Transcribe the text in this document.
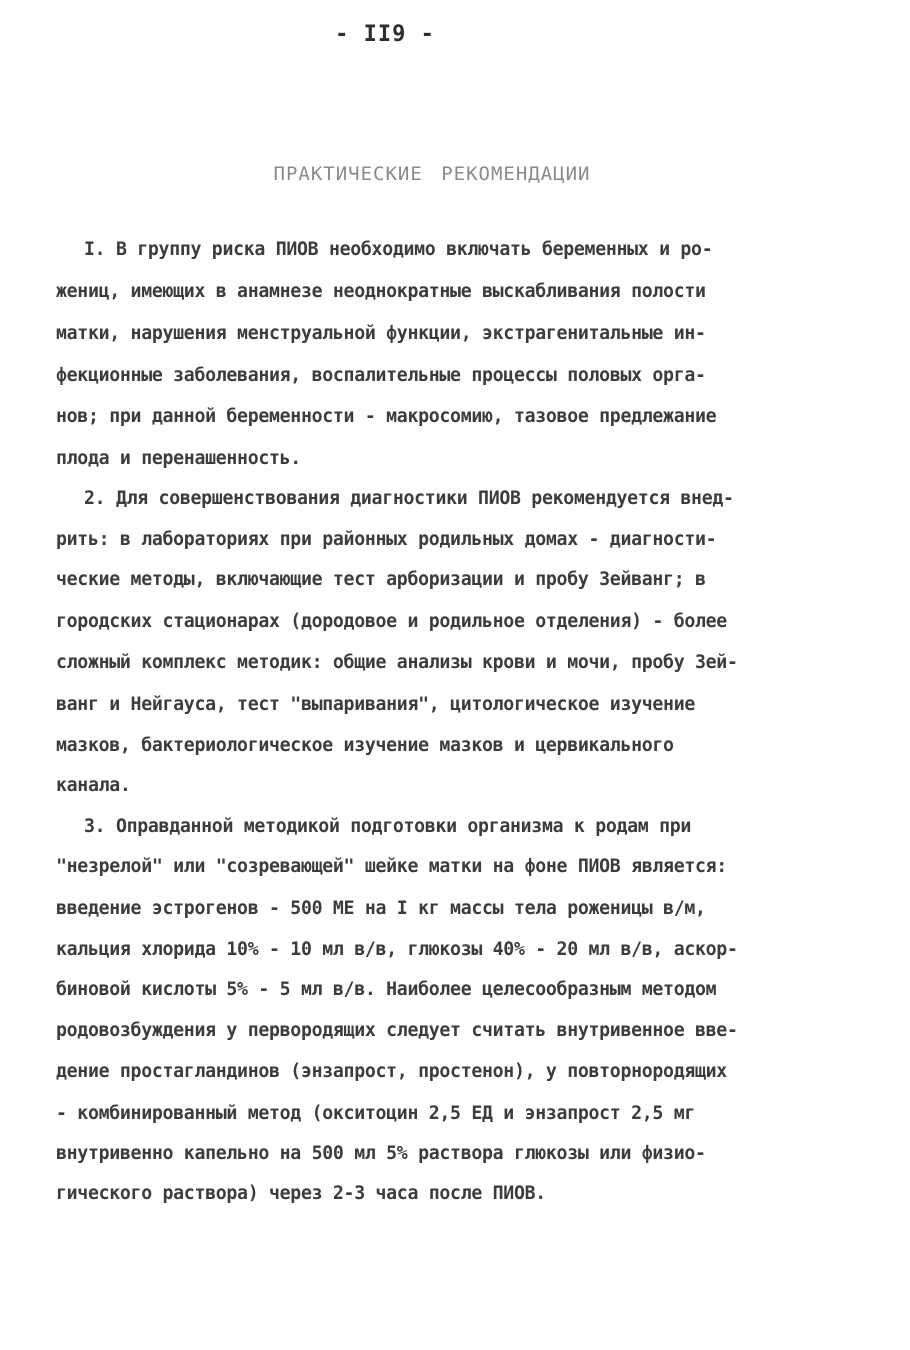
- II9 -
ПРАКТИЧЕСКИЕ РЕКОМЕНДАЦИИ
I. В группу риска ПИОВ необходимо включать беременных и ро-
жениц, имеющих в анамнезе неоднократные выскабливания полости
матки, нарушения менструальной функции, экстрагенитальные ин-
фекционные заболевания, воспалительные процессы половых орга-
нов; при данной беременности - макросомию, тазовое предлежание
плода и перенашенность.
2. Для совершенствования диагностики ПИОВ рекомендуется внед-
рить: в лабораториях при районных родильных домах - диагности-
ческие методы, включающие тест арборизации и пробу Зейванг; в
городских стационарах (дородовое и родильное отделения) - более
сложный комплекс методик: общие анализы крови и мочи, пробу Зей-
ванг и Нейгауса, тест "выпаривания", цитологическое изучение
мазков, бактериологическое изучение мазков и цервикального
канала.
3. Оправданной методикой подготовки организма к родам при
"незрелой" или "созревающей" шейке матки на фоне ПИОВ является:
введение эстрогенов - 500 МЕ на I кг массы тела роженицы в/м,
кальция хлорида 10% - 10 мл в/в, глюкозы 40% - 20 мл в/в, аскор-
биновой кислоты 5% - 5 мл в/в. Наиболее целесообразным методом
родовозбуждения у первородящих следует считать внутривенное вве-
дение простагландинов (энзапрост, простенон), у повторнородящих
- комбинированный метод (окситоцин 2,5 ЕД и энзапрост 2,5 мг
внутривенно капельно на 500 мл 5% раствора глюкозы или физио-
гического раствора) через 2-3 часа после ПИОВ.
